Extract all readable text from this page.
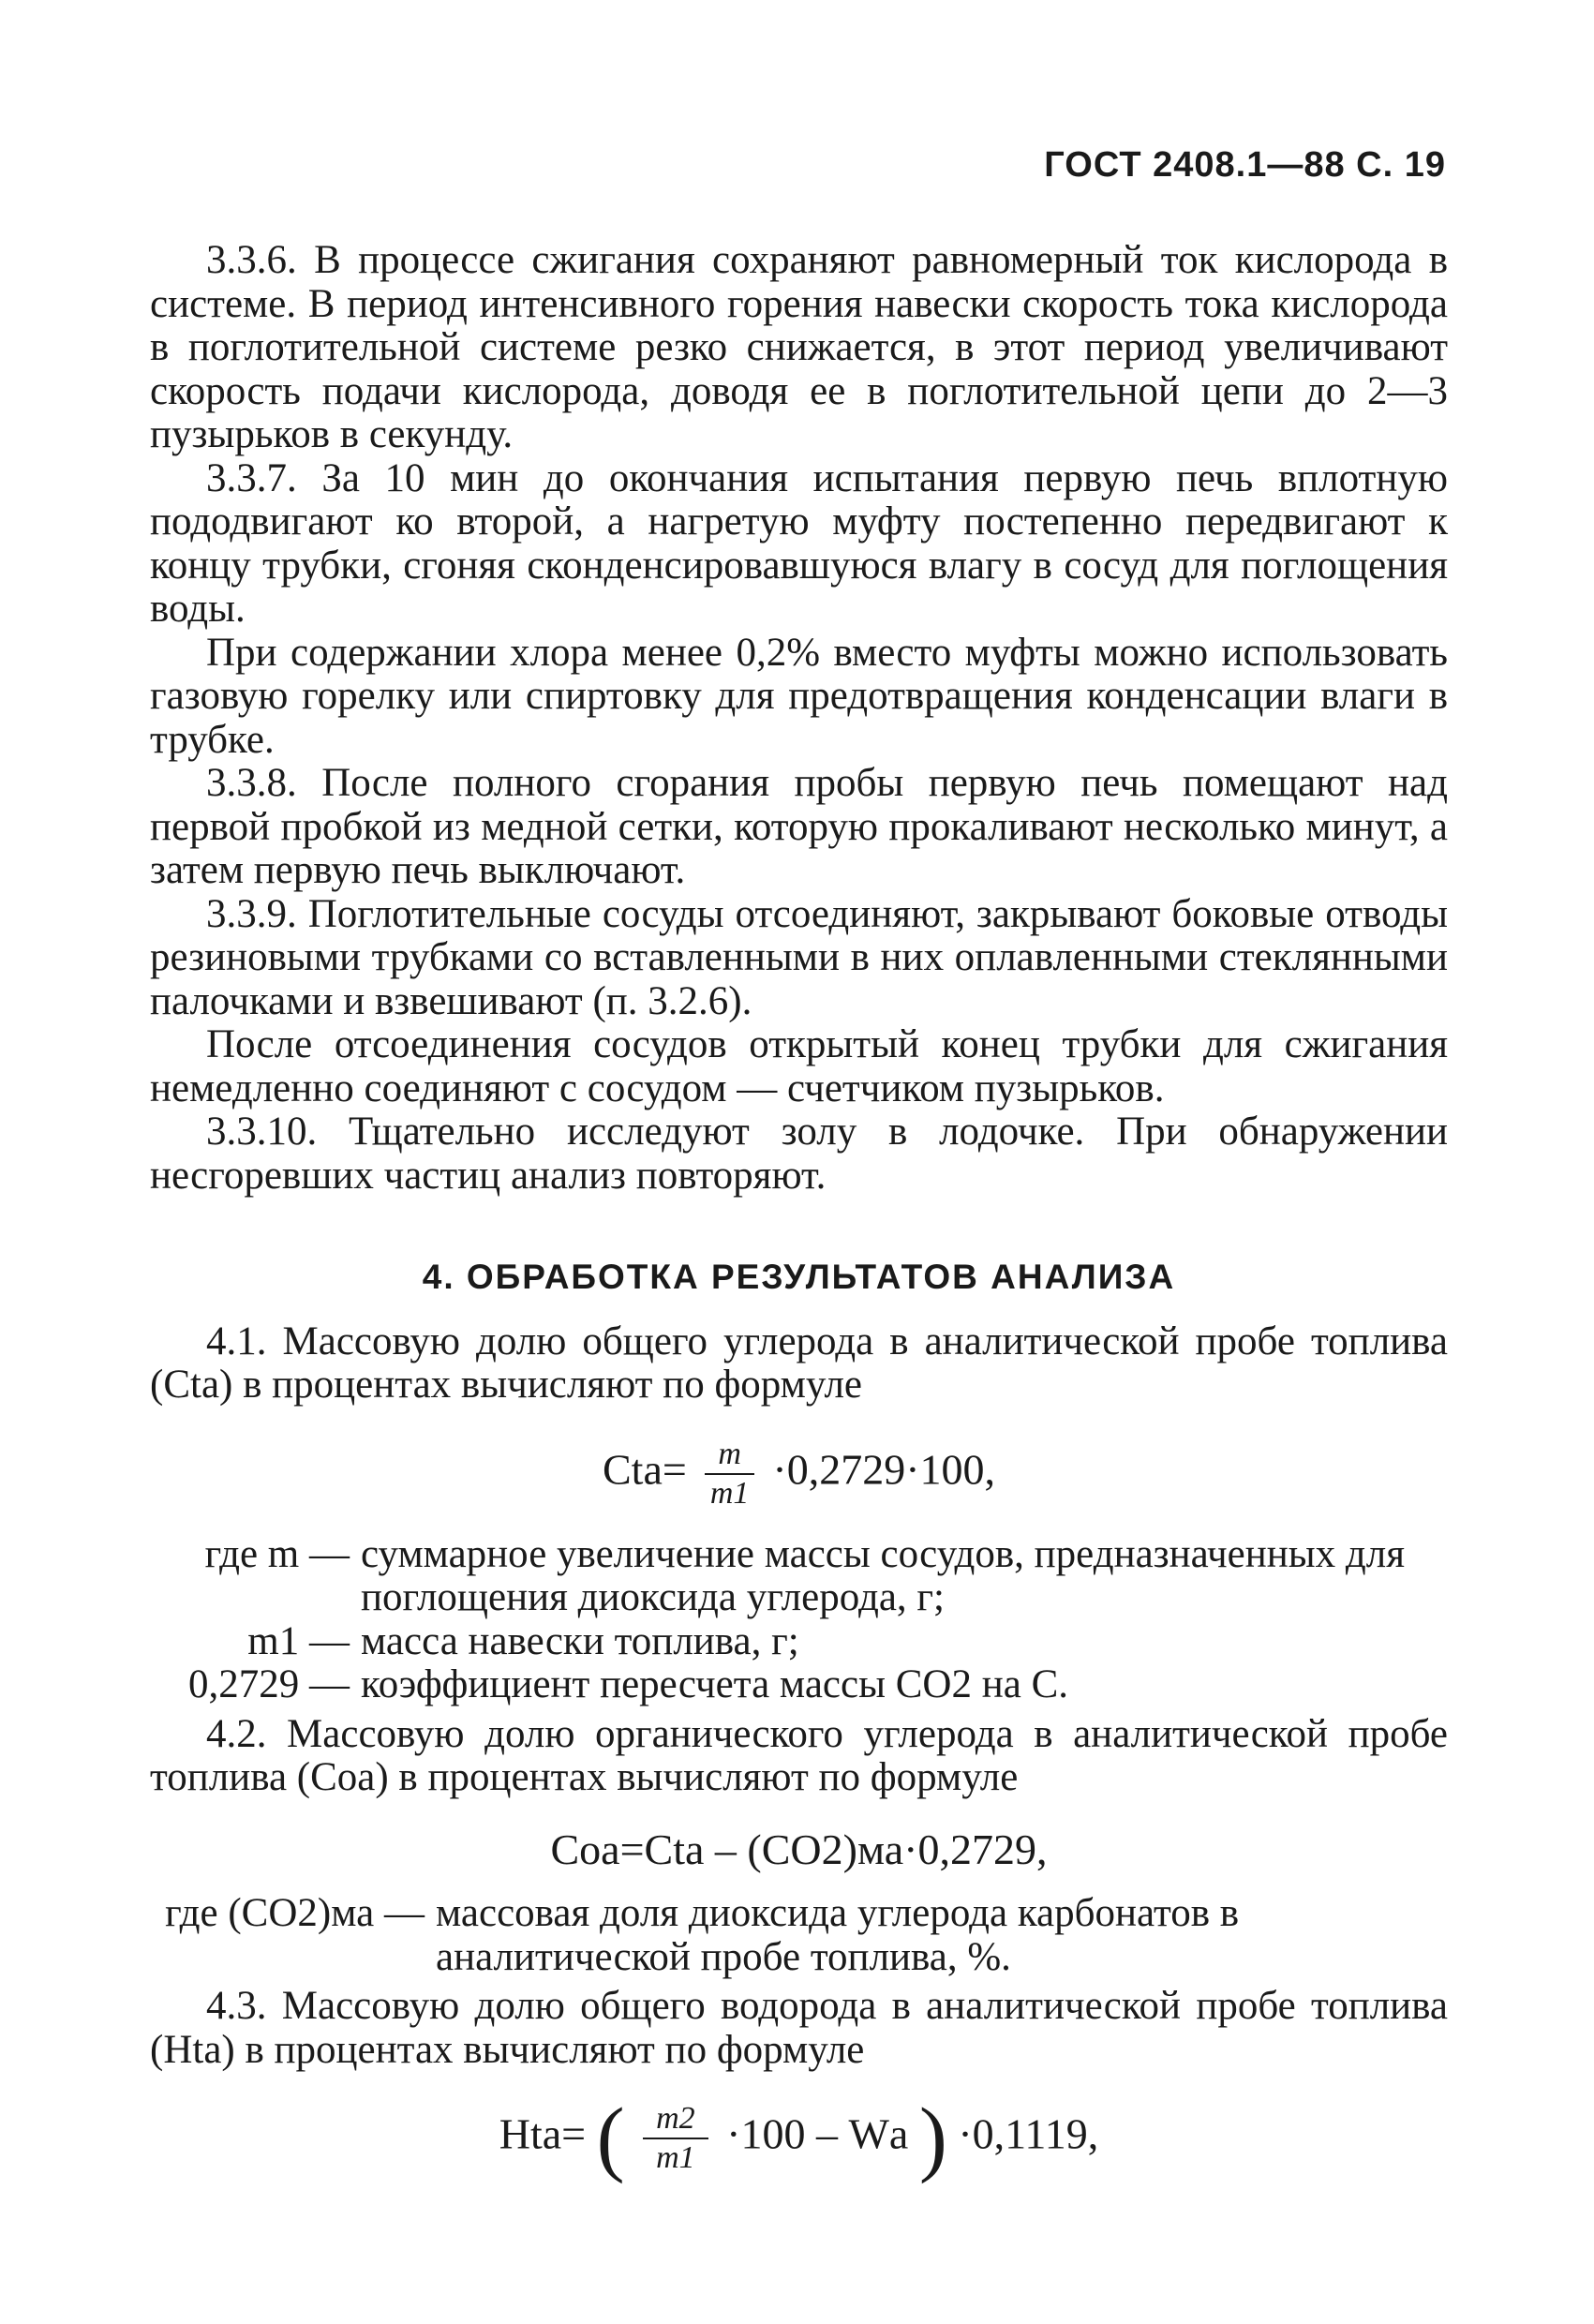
ГОСТ 2408.1—88 С. 19

3.3.6. В процессе сжигания сохраняют равномерный ток кислорода в системе. В период интенсивного горения навески скорость тока кислорода в поглотительной системе резко снижается, в этот период увеличивают скорость подачи кислорода, доводя ее в поглотительной цепи до 2—3 пузырьков в секунду.

3.3.7. За 10 мин до окончания испытания первую печь вплотную пододвигают ко второй, а нагретую муфту постепенно передвигают к концу трубки, сгоняя сконденсировавшуюся влагу в сосуд для поглощения воды.

При содержании хлора менее 0,2% вместо муфты можно использовать газовую горелку или спиртовку для предотвращения конденсации влаги в трубке.

3.3.8. После полного сгорания пробы первую печь помещают над первой пробкой из медной сетки, которую прокаливают несколько минут, а затем первую печь выключают.

3.3.9. Поглотительные сосуды отсоединяют, закрывают боковые отводы резиновыми трубками со вставленными в них оплавленными стеклянными палочками и взвешивают (п. 3.2.6).

После отсоединения сосудов открытый конец трубки для сжигания немедленно соединяют с сосудом — счетчиком пузырьков.

3.3.10. Тщательно исследуют золу в лодочке. При обнаружении несгоревших частиц анализ повторяют.

4. ОБРАБОТКА РЕЗУЛЬТАТОВ АНАЛИЗА

4.1. Массовую долю общего углерода в аналитической пробе топлива (Ctа) в процентах вычисляют по формуле

$Ctа= \frac{m}{m1} \cdot 0,2729\cdot 100$,
где m — суммарное увеличение массы сосудов, предназначенных для поглощения диоксида углерода, г;
m1 — масса навески топлива, г;
0,2729 — коэффициент пересчета массы CO2 на С.

4.2. Массовую долю органического углерода в аналитической пробе топлива (Cоа) в процентах вычисляют по формуле

Cоа=Ctа – (CO2)ма·0,2729,
где (CO2)ма — массовая доля диоксида углерода карбонатов в аналитической пробе топлива, %.

4.3. Массовую долю общего водорода в аналитической пробе топлива (Htа) в процентах вычисляют по формуле

Htа= ( $\frac{m2}{m1} \cdot 100$ – Wа ) ·0,1119,
